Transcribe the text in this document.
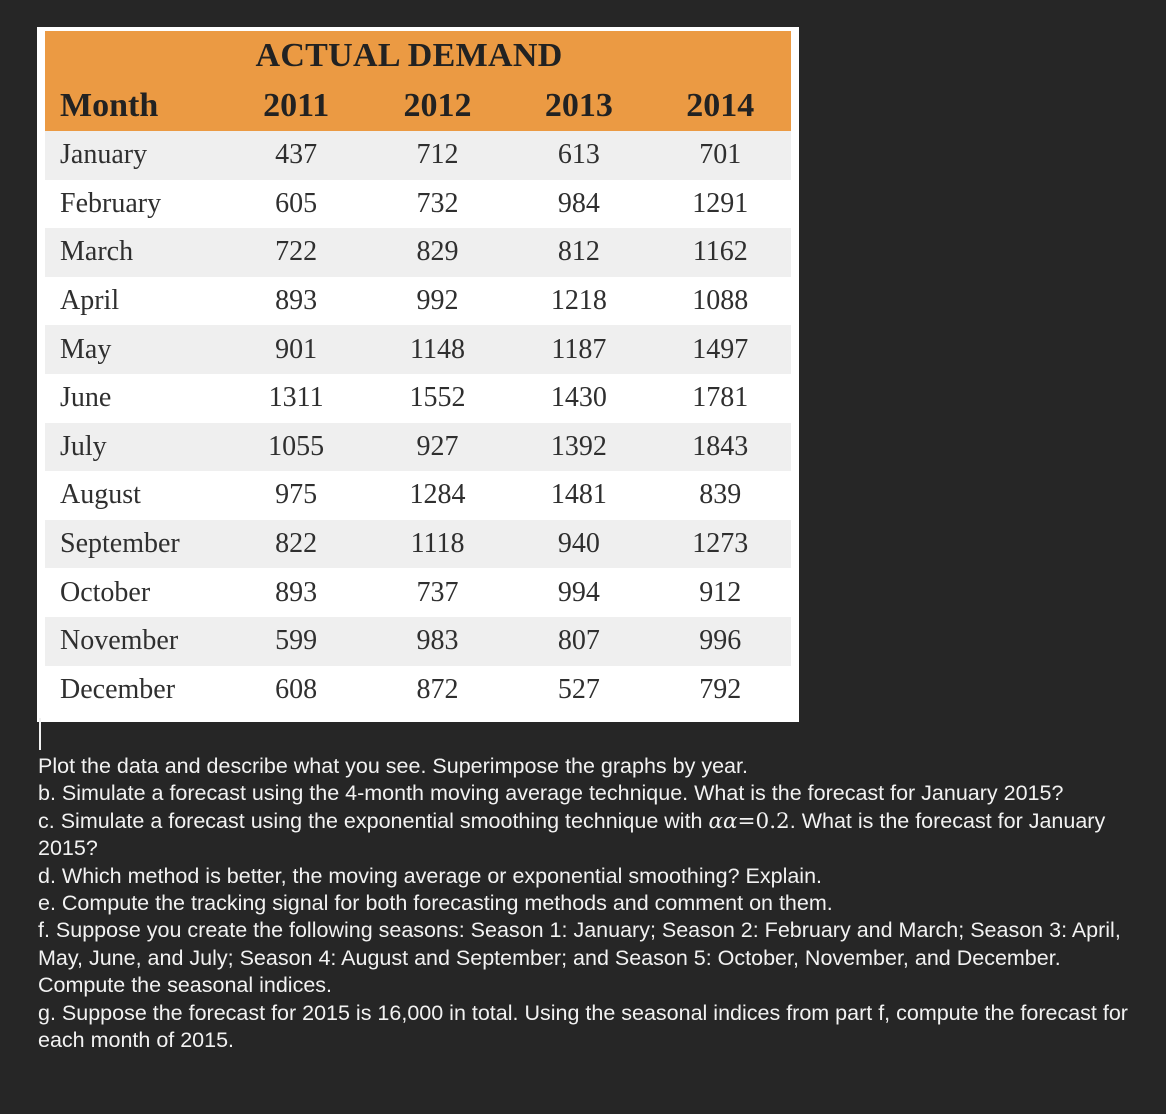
	ACTUAL DEMAND			
Month	2011	2012	2013	2014
January	437	712	613	701
February	605	732	984	1291
March	722	829	812	1162
April	893	992	1218	1088
May	901	1148	1187	1497
June	1311	1552	1430	1781
July	1055	927	1392	1843
August	975	1284	1481	839
September	822	1118	940	1273
October	893	737	994	912
November	599	983	807	996
December	608	872	527	792

Plot the data and describe what you see. Superimpose the graphs by year.

b. Simulate a forecast using the 4-month moving average technique. What is the forecast for January 2015?

c. Simulate a forecast using the exponential smoothing technique with αα=0.2. What is the forecast for January 2015?

d. Which method is better, the moving average or exponential smoothing? Explain.

e. Compute the tracking signal for both forecasting methods and comment on them.

f. Suppose you create the following seasons: Season 1: January; Season 2: February and March; Season 3: April, May, June, and July; Season 4: August and September; and Season 5: October, November, and December. Compute the seasonal indices.

g. Suppose the forecast for 2015 is 16,000 in total. Using the seasonal indices from part f, compute the forecast for each month of 2015.
